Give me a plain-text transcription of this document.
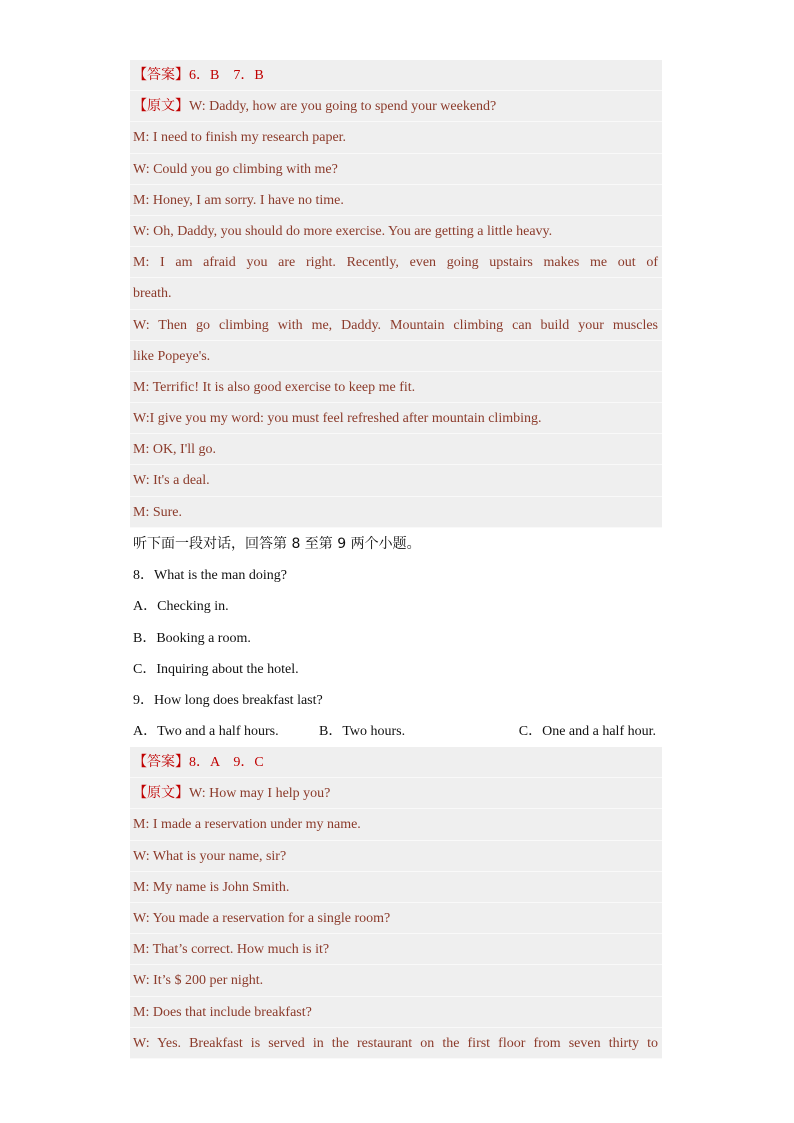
【答案】6．B　7．B
【原文】W: Daddy, how are you going to spend your weekend?
M: I need to finish my research paper.
W: Could you go climbing with me?
M: Honey, I am sorry. I have no time.
W: Oh, Daddy, you should do more exercise. You are getting a little heavy.
M: I am afraid you are right. Recently, even going upstairs makes me out of
breath.
W: Then go climbing with me, Daddy. Mountain climbing can build your muscles
like Popeye's.
M: Terrific! It is also good exercise to keep me fit.
W:I give you my word: you must feel refreshed after mountain climbing.
M: OK, I'll go.
W: It's a deal.
M: Sure.
听下面一段对话，回答第 8 至第 9 两个小题。
8．What is the man doing?
A．Checking in.
B．Booking a room.
C．Inquiring about the hotel.
9．How long does breakfast last?
A．Two and a half hours.	B．Two hours.	C．One and a half hour.
【答案】8．A　9．C
【原文】W: How may I help you?
M: I made a reservation under my name.
W: What is your name, sir?
M: My name is John Smith.
W: You made a reservation for a single room?
M: That’s correct. How much is it?
W: It’s $ 200 per night.
M: Does that include breakfast?
W: Yes. Breakfast is served in the restaurant on the first floor from seven thirty to
